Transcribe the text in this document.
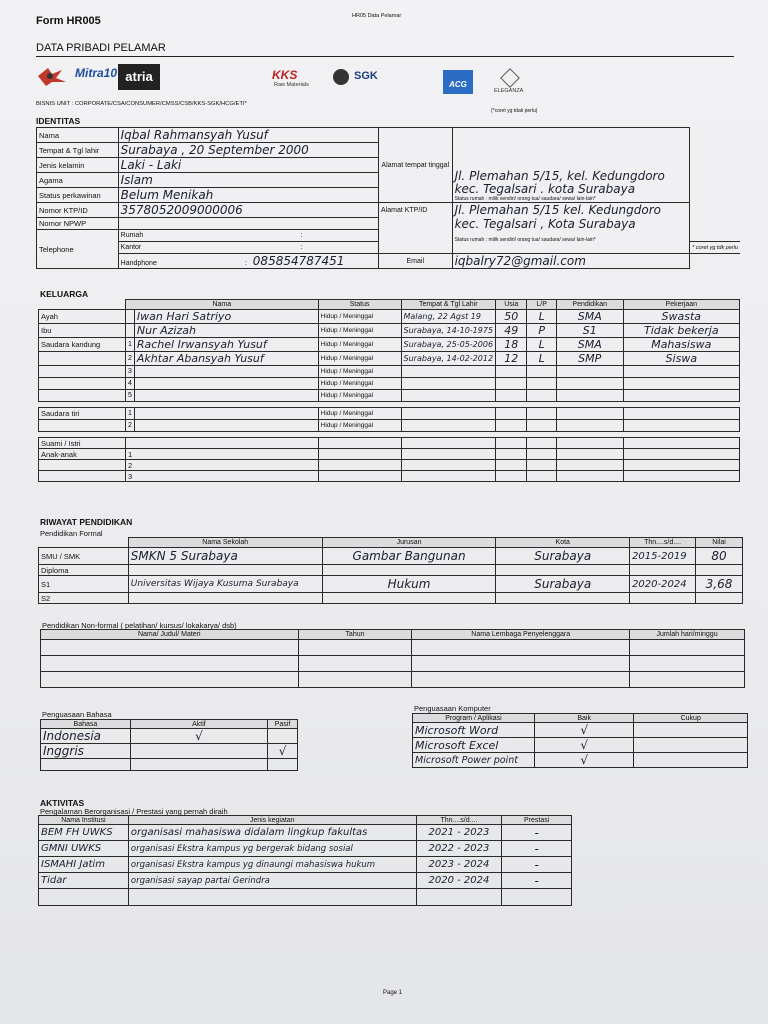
Form HR005	HR05 Data Pelamar
DATA PRIBADI PELAMAR
Mitra10 atria	KKS
Raw Materials
SGK
ACG
ELEGANZA
BISNIS UNIT : CORPORATE/CSA/CONSUMER/CMSS/CSB/KKS-SGK/HCG/ETI*
(*coret yg tdak perlu)
IDENTITAS
Nama	Iqbal Rahmansyah Yusuf	Alamat tempat tinggal	Jl. Plemahan 5/15, kel. Kedungdoro
kec. Tegalsari . kota Surabaya
Status rumah : milik sendiri/ orang tua/ saudara/ sewa/ lain-lain*	

Tempat & Tgl lahir	Surabaya , 20 September 2000			
Jenis kelamin	Laki - Laki			
Agama	Islam			
Status perkawinan	Belum Menikah			
Nomor KTP/ID	3578052009000006	Alamat KTP/ID	Jl. Plemahan 5/15 kel. Kedungdoro
kec. Tegalsari , Kota Surabaya
Status rumah : milik sendiri/ orang tua/ saudara/ sewa/ lain-lain*	

Nomor NPWP				
Telephone	Rumah :			

	Kantor :			* coret yg tdk perlu
	Handphone : 085854787451	Email	iqbalry72@gmail.com	
KELUARGA
	Nama		Status	Tempat & Tgl Lahir	Usia	L/P	Pendidikan	Pekerjaan
Ayah		Iwan Hari Satriyo	Hidup / Meninggal	Malang, 22 Agst 19	50	L	SMA	Swasta
Ibu		Nur Azizah	Hidup / Meninggal	Surabaya, 14-10-1975	49	P	S1	Tidak bekerja
Saudara kandung	1	Rachel Irwansyah Yusuf	Hidup / Meninggal	Surabaya, 25-05-2006	18	L	SMA	Mahasiswa
	2	Akhtar Abansyah Yusuf	Hidup / Meninggal	Surabaya, 14-02-2012	12	L	SMP	Siswa
	3		Hidup / Meninggal					
	4		Hidup / Meninggal					
	5		Hidup / Meninggal					

Saudara tiri	1		Hidup / Meninggal					
	2		Hidup / Meninggal					

Suami / Istri								
Anak-anak	1							
	2							
	3							
RIWAYAT PENDIDIKAN
Pendidikan Formal
	Nama Sekolah	Jurusan	Kota	Thn....s/d....	Nilai
SMU / SMK	SMKN 5 Surabaya	Gambar Bangunan	Surabaya	2015-2019	80
Diploma					
S1	Universitas Wijaya Kusuma Surabaya	Hukum	Surabaya	2020-2024	3,68
S2					
Pendidikan Non-formal ( pelatihan/ kursus/ lokakarya/ dsb)
Nama/ Judul/ Materi	Tahun	Nama Lembaga Penyelenggara	Jumlah hari/minggu

Penguasaan Bahasa
Bahasa	Aktif	Pasif
Indonesia	√	
Inggris		√

Penguasaan Komputer
Program / Aplikasi	Baik	Cukup
Microsoft Word	√	
Microsoft Excel	√	
Microsoft Power point	√	
AKTIVITAS
Pengalaman Berorganisasi / Prestasi yang pernah diraih
Nama Institusi	Jenis kegiatan	Thn....s/d....	Prestasi
BEM FH UWKS	organisasi mahasiswa didalam lingkup fakultas	2021 - 2023	-
GMNI UWKS	organisasi Ekstra kampus yg bergerak bidang sosial	2022 - 2023	-
ISMAHI Jatim	organisasi Ekstra kampus yg dinaungi mahasiswa hukum	2023 - 2024	-
Tidar	organisasi sayap partai Gerindra	2020 - 2024	-

Page 1
